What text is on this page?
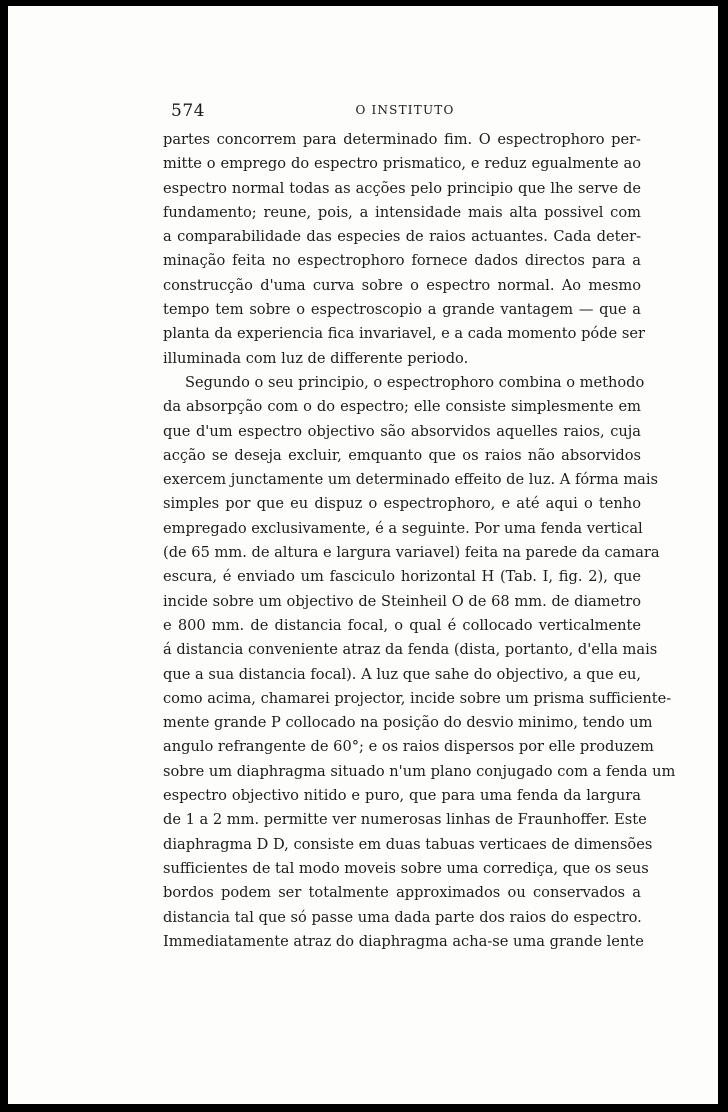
574	O INSTITUTO
partes concorrem para determinado fim. O espectrophoro per-
mitte o emprego do espectro prismatico, e reduz egualmente ao
espectro normal todas as acções pelo principio que lhe serve de
fundamento; reune, pois, a intensidade mais alta possivel com
a comparabilidade das especies de raios actuantes. Cada deter-
minação feita no espectrophoro fornece dados directos para a
construcção d'uma curva sobre o espectro normal. Ao mesmo
tempo tem sobre o espectroscopio a grande vantagem — que a
planta da experiencia fica invariavel, e a cada momento póde ser
illuminada com luz de differente periodo.
Segundo o seu principio, o espectrophoro combina o methodo
da absorpção com o do espectro; elle consiste simplesmente em
que d'um espectro objectivo são absorvidos aquelles raios, cuja
acção se deseja excluir, emquanto que os raios não absorvidos
exercem junctamente um determinado effeito de luz. A fórma mais
simples por que eu dispuz o espectrophoro, e até aqui o tenho
empregado exclusivamente, é a seguinte. Por uma fenda vertical
(de 65 mm. de altura e largura variavel) feita na parede da camara
escura, é enviado um fasciculo horizontal H (Tab. I, fig. 2), que
incide sobre um objectivo de Steinheil O de 68 mm. de diametro
e 800 mm. de distancia focal, o qual é collocado verticalmente
á distancia conveniente atraz da fenda (dista, portanto, d'ella mais
que a sua distancia focal). A luz que sahe do objectivo, a que eu,
como acima, chamarei projector, incide sobre um prisma sufficiente-
mente grande P collocado na posição do desvio minimo, tendo um
angulo refrangente de 60°; e os raios dispersos por elle produzem
sobre um diaphragma situado n'um plano conjugado com a fenda um
espectro objectivo nitido e puro, que para uma fenda da largura
de 1 a 2 mm. permitte ver numerosas linhas de Fraunhoffer. Este
diaphragma D D, consiste em duas tabuas verticaes de dimensões
sufficientes de tal modo moveis sobre uma corrediça, que os seus
bordos podem ser totalmente approximados ou conservados a
distancia tal que só passe uma dada parte dos raios do espectro.
Immediatamente atraz do diaphragma acha-se uma grande lente
